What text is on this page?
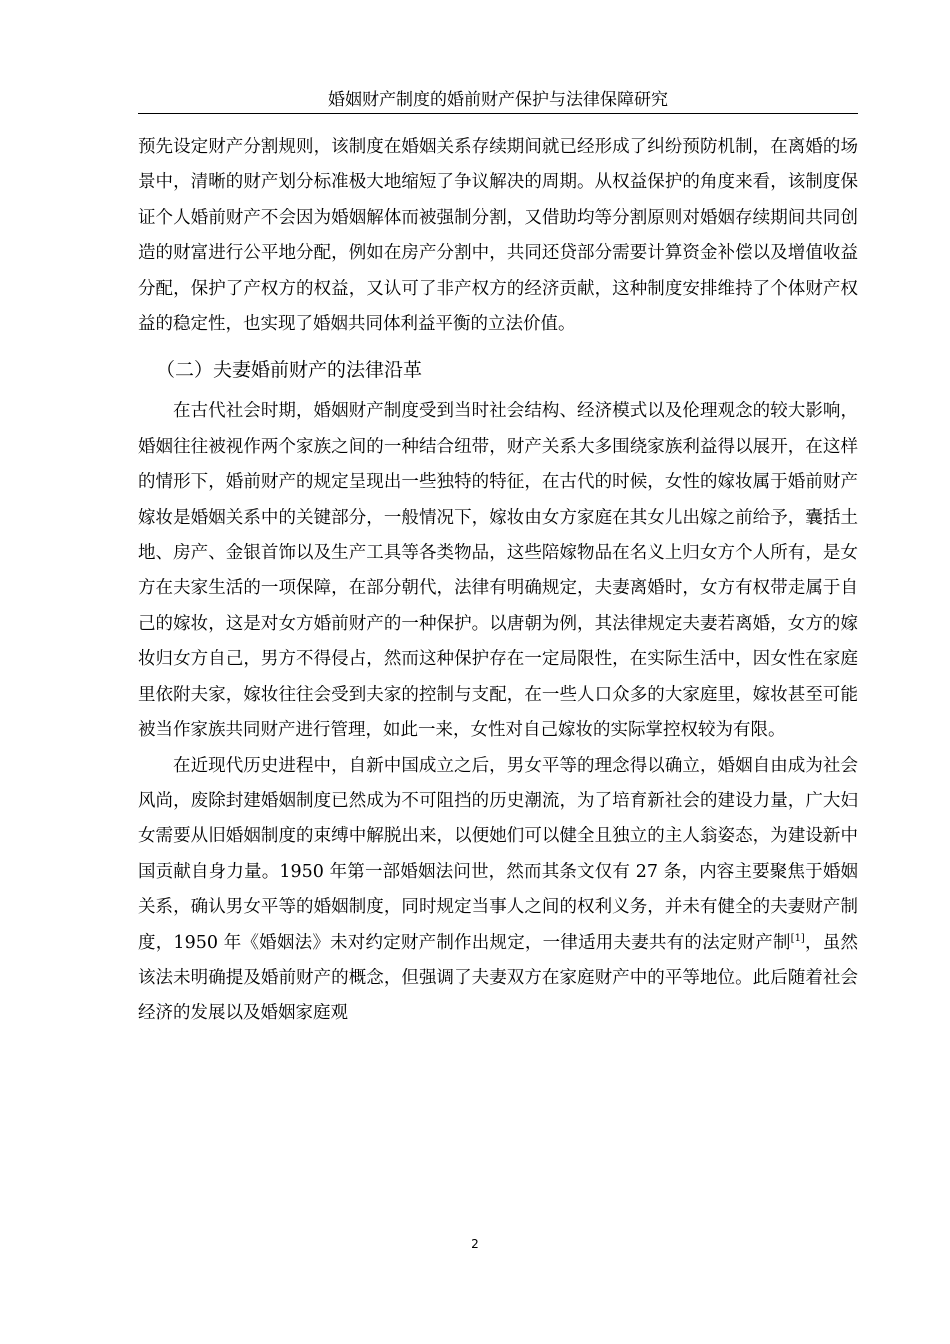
婚姻财产制度的婚前财产保护与法律保障研究

预先设定财产分割规则，该制度在婚姻关系存续期间就已经形成了纠纷预防机制，在离婚的场景中，清晰的财产划分标准极大地缩短了争议解决的周期。从权益保护的角度来看，该制度保证个人婚前财产不会因为婚姻解体而被强制分割，又借助均等分割原则对婚姻存续期间共同创造的财富进行公平地分配，例如在房产分割中，共同还贷部分需要计算资金补偿以及增值收益分配，保护了产权方的权益，又认可了非产权方的经济贡献，这种制度安排维持了个体财产权益的稳定性，也实现了婚姻共同体利益平衡的立法价值。

（二）夫妻婚前财产的法律沿革

在古代社会时期，婚姻财产制度受到当时社会结构、经济模式以及伦理观念的较大影响，婚姻往往被视作两个家族之间的一种结合纽带，财产关系大多围绕家族利益得以展开，在这样的情形下，婚前财产的规定呈现出一些独特的特征，在古代的时候，女性的嫁妆属于婚前财产嫁妆是婚姻关系中的关键部分，一般情况下，嫁妆由女方家庭在其女儿出嫁之前给予，囊括土地、房产、金银首饰以及生产工具等各类物品，这些陪嫁物品在名义上归女方个人所有，是女方在夫家生活的一项保障，在部分朝代，法律有明确规定，夫妻离婚时，女方有权带走属于自己的嫁妆，这是对女方婚前财产的一种保护。以唐朝为例，其法律规定夫妻若离婚，女方的嫁妆归女方自己，男方不得侵占，然而这种保护存在一定局限性，在实际生活中，因女性在家庭里依附夫家，嫁妆往往会受到夫家的控制与支配，在一些人口众多的大家庭里，嫁妆甚至可能被当作家族共同财产进行管理，如此一来，女性对自己嫁妆的实际掌控权较为有限。

在近现代历史进程中，自新中国成立之后，男女平等的理念得以确立，婚姻自由成为社会风尚，废除封建婚姻制度已然成为不可阻挡的历史潮流，为了培育新社会的建设力量，广大妇女需要从旧婚姻制度的束缚中解脱出来，以便她们可以健全且独立的主人翁姿态，为建设新中国贡献自身力量。1950 年第一部婚姻法问世，然而其条文仅有 27 条，内容主要聚焦于婚姻关系，确认男女平等的婚姻制度，同时规定当事人之间的权利义务，并未有健全的夫妻财产制度，1950 年《婚姻法》未对约定财产制作出规定，一律适用夫妻共有的法定财产制[1]，虽然该法未明确提及婚前财产的概念，但强调了夫妻双方在家庭财产中的平等地位。此后随着社会经济的发展以及婚姻家庭观

2
